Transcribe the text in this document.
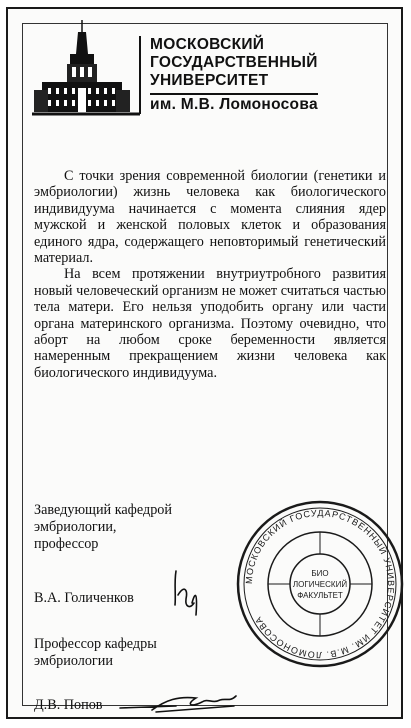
МОСКОВСКИЙ
ГОСУДАРСТВЕННЫЙ
УНИВЕРСИТЕТ
им. М.В. Ломоносова

С точки зрения современной биологии (генетики и эмбриологии) жизнь человека как биологического индивидуума начинается с момента слияния ядер мужской и женской половых клеток и образования единого ядра, содержащего неповторимый генетический материал.

На всем протяжении внутриутробного развития новый человеческий организм не может считаться частью тела матери. Его нельзя уподобить органу или части органа материнского организма. Поэтому очевидно, что аборт на любом сроке беременности является намеренным прекращением жизни человека как биологического индивидуума.

Заведующий кафедрой
эмбриологии,
профессор
В.А. Голиченков
Профессор кафедры
эмбриологии
Д.В. Попов
МОСКОВСКИЙ ГОСУДАРСТВЕННЫЙ УНИВЕРСИТЕТ ИМ. М.В. ЛОМОНОСОВА
БИО
ЛОГИЧЕСКИЙ
ФАКУЛЬТЕТ
